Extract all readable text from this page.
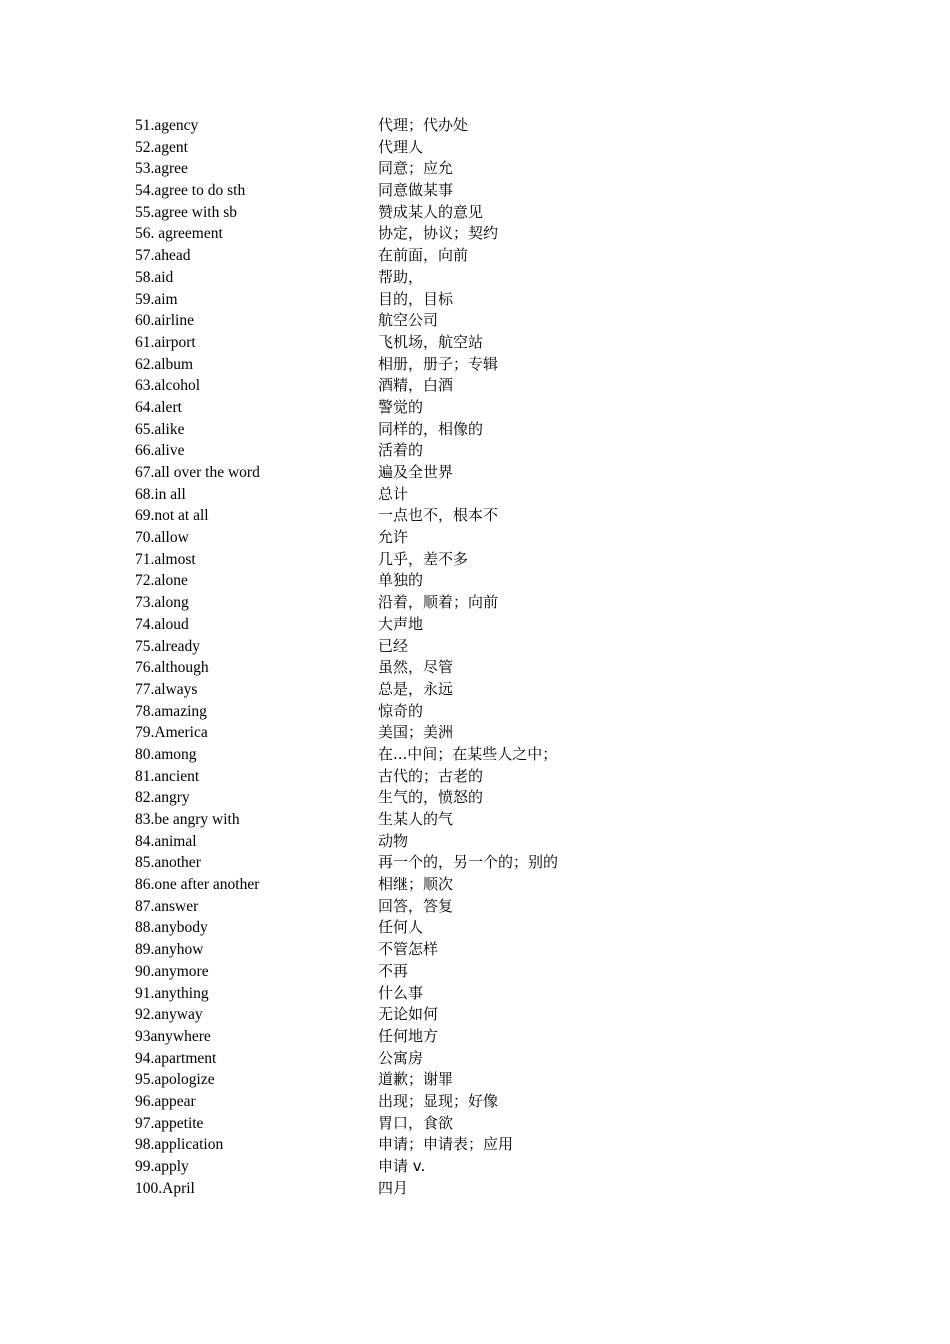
51.agency	代理；代办处
52.agent	代理人
53.agree	同意；应允
54.agree to do sth	同意做某事
55.agree with sb	赞成某人的意见
56. agreement	协定，协议；契约
57.ahead	在前面，向前
58.aid	帮助，
59.aim	目的，目标
60.airline	航空公司
61.airport	飞机场，航空站
62.album	相册，册子；专辑
63.alcohol	酒精，白酒
64.alert	警觉的
65.alike	同样的，相像的
66.alive	活着的
67.all over the word	遍及全世界
68.in all	总计
69.not at all	一点也不，根本不
70.allow	允许
71.almost	几乎，差不多
72.alone	单独的
73.along	沿着，顺着；向前
74.aloud	大声地
75.already	已经
76.although	虽然，尽管
77.always	总是，永远
78.amazing	惊奇的
79.America	美国；美洲
80.among	在...中间；在某些人之中；
81.ancient	古代的；古老的
82.angry	生气的，愤怒的
83.be angry with	生某人的气
84.animal	动物
85.another	再一个的，另一个的；别的
86.one after another	相继；顺次
87.answer	回答，答复
88.anybody	任何人
89.anyhow	不管怎样
90.anymore	不再
91.anything	什么事
92.anyway	无论如何
93anywhere	任何地方
94.apartment	公寓房
95.apologize	道歉；谢罪
96.appear	出现；显现；好像
97.appetite	胃口，食欲
98.application	申请；申请表；应用
99.apply	申请 v.
100.April	四月
